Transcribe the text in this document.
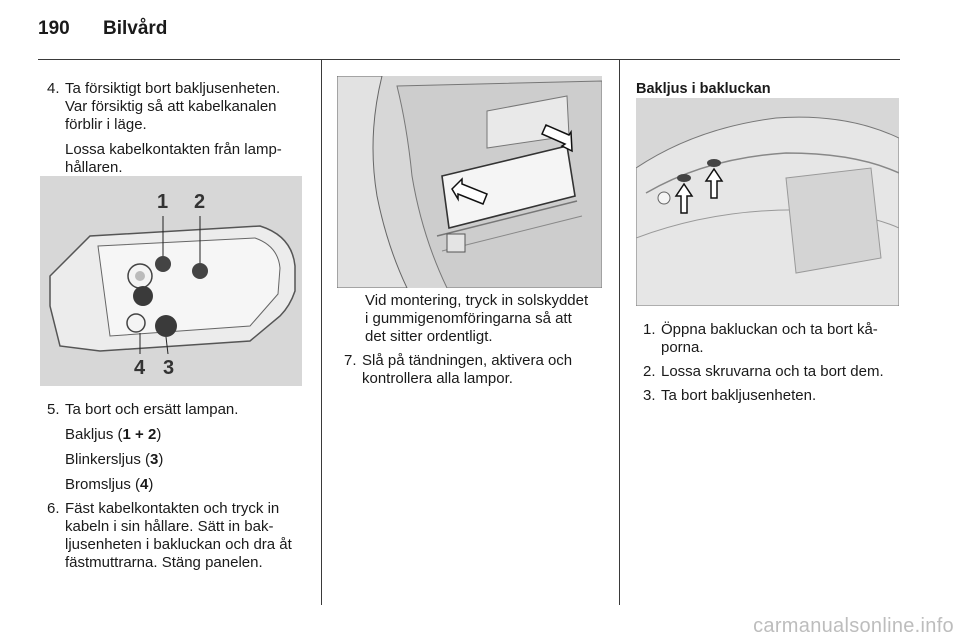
190 Bilvård
4. Ta försiktigt bort bakljusenheten.

Var försiktig så att kabelkanalen

förblir i läge.

Lossa kabelkontakten från lamp-

hållaren.

1 2
4 3
5. Ta bort och ersätt lampan.

Bakljus (1 + 2)

Blinkersljus (3)

Bromsljus (4)

6. Fäst kabelkontakten och tryck in

kabeln i sin hållare. Sätt in bak-

ljusenheten i bakluckan och dra åt

fästmuttrarna. Stäng panelen.

Vid montering, tryck in solskyddet

i gummigenomföringarna så att

det sitter ordentligt.

7. Slå på tändningen, aktivera och

kontrollera alla lampor.

Bakljus i bakluckan

1. Öppna bakluckan och ta bort kå-

porna.

2. Lossa skruvarna och ta bort dem.

3. Ta bort bakljusenheten.

carmanualsonline.info
